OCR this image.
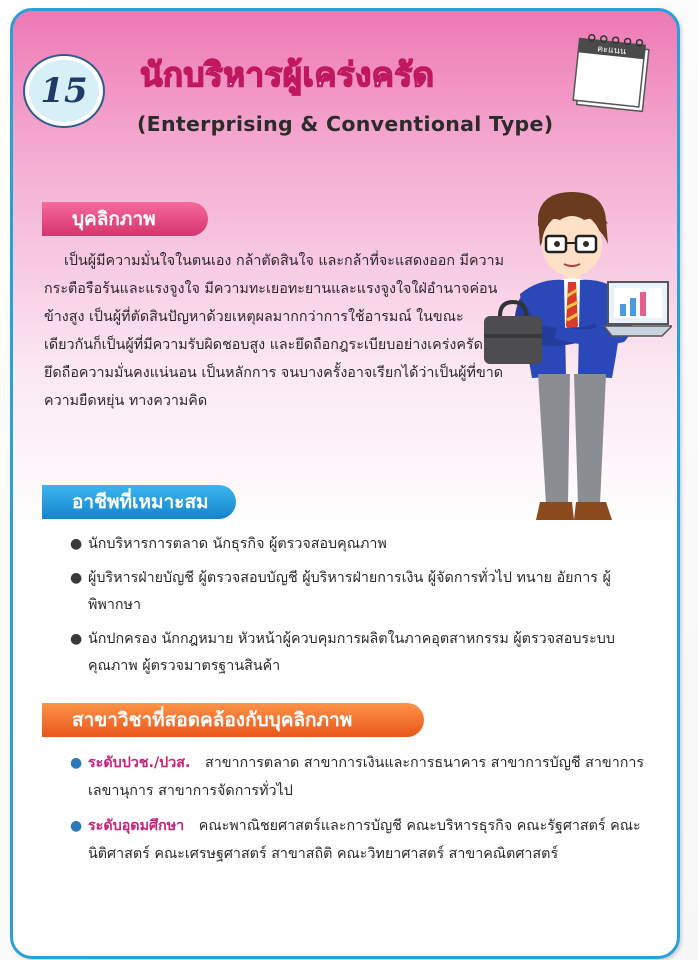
15 นักบริหารผู้เคร่งครัด
(Enterprising & Conventional Type)
คะแนน
บุคลิกภาพ
เป็นผู้มีความมั่นใจในตนเอง กล้าตัดสินใจ และกล้าที่จะแสดงออก มีความกระตือรือร้นและแรงจูงใจ มีความทะเยอทะยานและแรงจูงใจใฝ่อำนาจค่อนข้างสูง เป็นผู้ที่ตัดสินปัญหาด้วยเหตุผลมากกว่าการใช้อารมณ์ ในขณะเดียวกันก็เป็นผู้ที่มีความรับผิดชอบสูง และยึดถือกฎระเบียบอย่างเคร่งครัด ยึดถือความมั่นคงแน่นอน เป็นหลักการ จนบางครั้งอาจเรียกได้ว่าเป็นผู้ที่ขาดความยืดหยุ่น ทางความคิด
อาชีพที่เหมาะสม
● นักบริหารการตลาด นักธุรกิจ ผู้ตรวจสอบคุณภาพ
● ผู้บริหารฝ่ายบัญชี ผู้ตรวจสอบบัญชี ผู้บริหารฝ่ายการเงิน ผู้จัดการทั่วไป ทนาย อัยการ ผู้พิพากษา
● นักปกครอง นักกฎหมาย หัวหน้าผู้ควบคุมการผลิตในภาคอุตสาหกรรม ผู้ตรวจสอบระบบคุณภาพ ผู้ตรวจมาตรฐานสินค้า
สาขาวิชาที่สอดคล้องกับบุคลิกภาพ
● ระดับปวช./ปวส. สาขาการตลาด สาขาการเงินและการธนาคาร สาขาการบัญชี สาขาการเลขานุการ สาขาการจัดการทั่วไป
● ระดับอุดมศึกษา คณะพาณิชยศาสตร์และการบัญชี คณะบริหารธุรกิจ คณะรัฐศาสตร์ คณะนิติศาสตร์ คณะเศรษฐศาสตร์ สาขาสถิติ คณะวิทยาศาสตร์ สาขาคณิตศาสตร์
